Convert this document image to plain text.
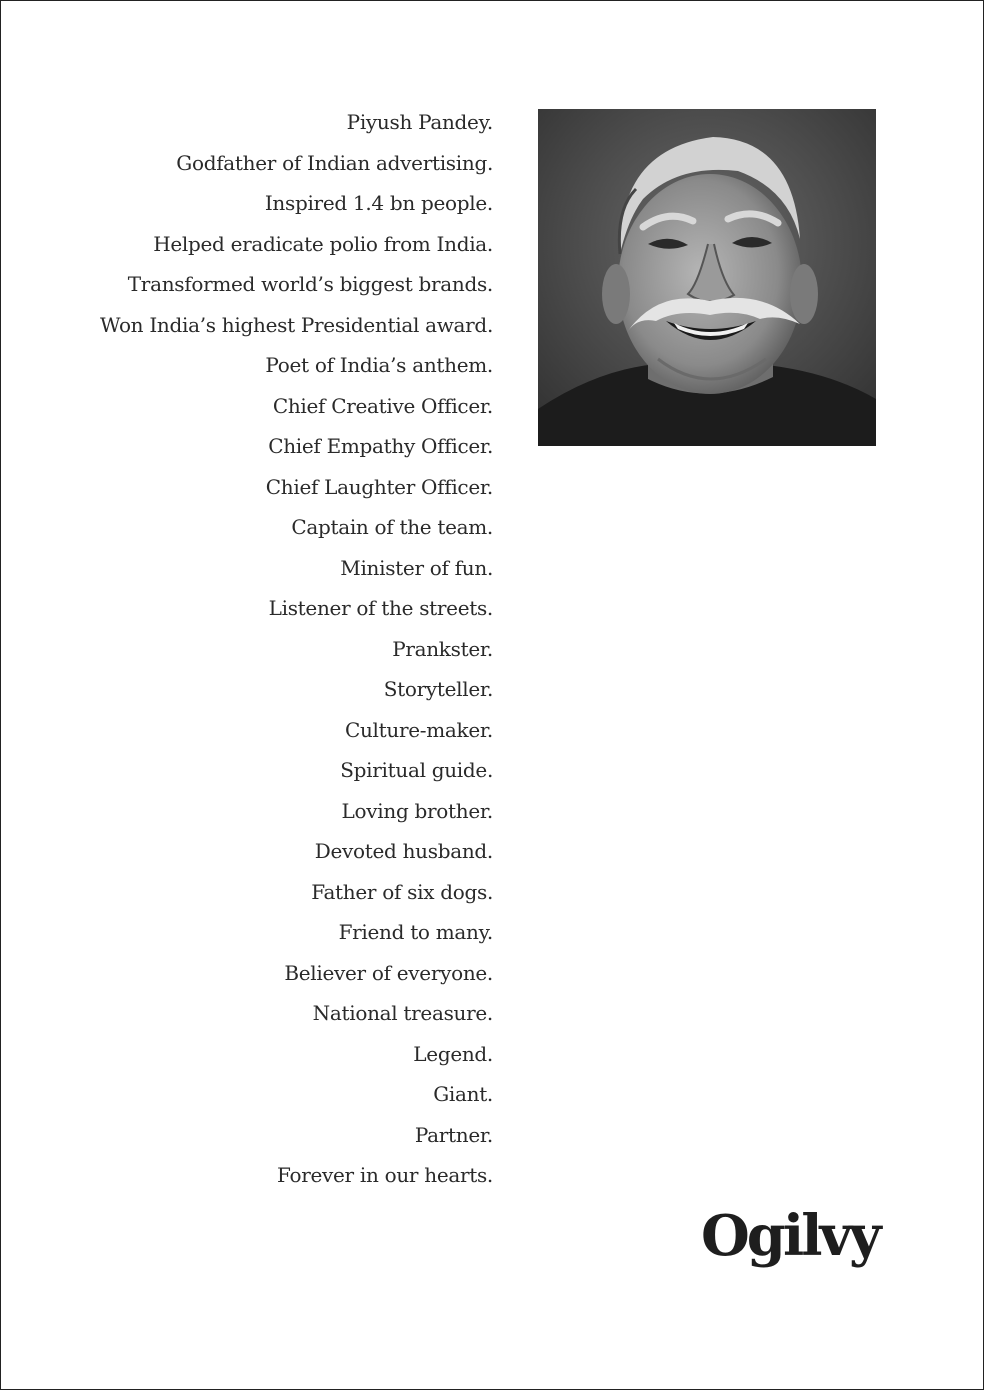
Piyush Pandey.
Godfather of Indian advertising.
Inspired 1.4 bn people.
Helped eradicate polio from India.
Transformed world’s biggest brands.
Won India’s highest Presidential award.
Poet of India’s anthem.
Chief Creative Officer.
Chief Empathy Officer.
Chief Laughter Officer.
Captain of the team.
Minister of fun.
Listener of the streets.
Prankster.
Storyteller.
Culture-maker.
Spiritual guide.
Loving brother.
Devoted husband.
Father of six dogs.
Friend to many.
Believer of everyone.
National treasure.
Legend.
Giant.
Partner.
Forever in our hearts.
Ogilvy
